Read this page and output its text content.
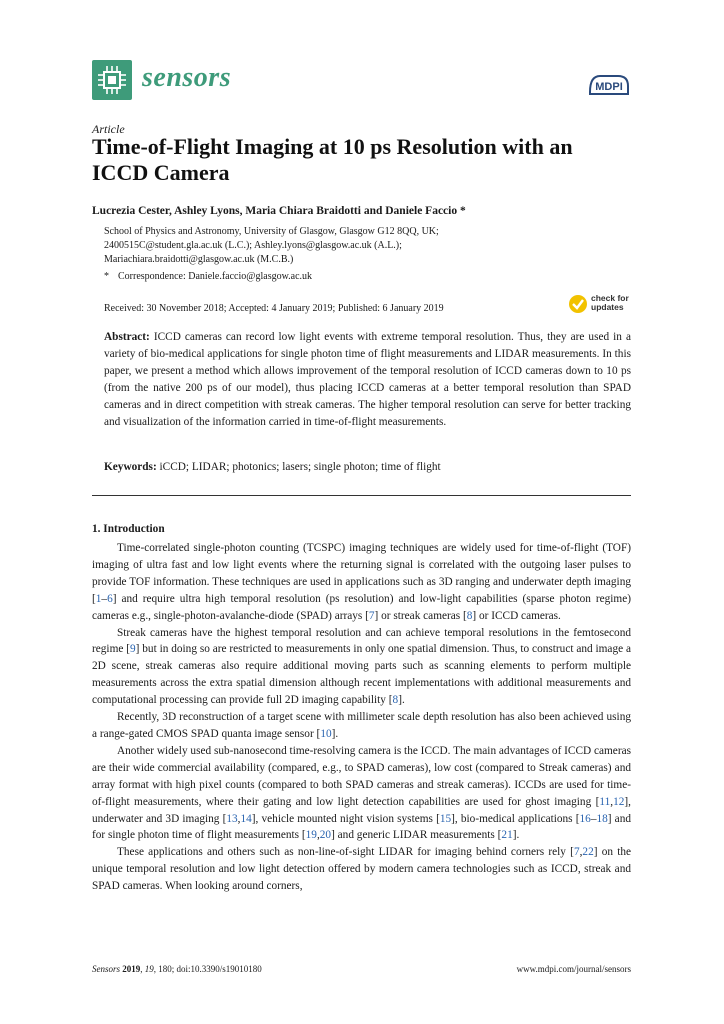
sensors	MDPI
Article
Time-of-Flight Imaging at 10 ps Resolution with an
ICCD Camera
Lucrezia Cester, Ashley Lyons, Maria Chiara Braidotti and Daniele Faccio *
School of Physics and Astronomy, University of Glasgow, Glasgow G12 8QQ, UK;
2400515C@student.gla.ac.uk (L.C.); Ashley.lyons@glasgow.ac.uk (A.L.);
Mariachiara.braidotti@glasgow.ac.uk (M.C.B.)
* Correspondence: Daniele.faccio@glasgow.ac.uk
Received: 30 November 2018; Accepted: 4 January 2019; Published: 6 January 2019
check for
updates
Abstract: ICCD cameras can record low light events with extreme temporal resolution. Thus, they are used in a variety of bio-medical applications for single photon time of flight measurements and LIDAR measurements. In this paper, we present a method which allows improvement of the temporal resolution of ICCD cameras down to 10 ps (from the native 200 ps of our model), thus placing ICCD cameras at a better temporal resolution than SPAD cameras and in direct competition with streak cameras. The higher temporal resolution can serve for better tracking and visualization of the information carried in time-of-flight measurements.
Keywords: iCCD; LIDAR; photonics; lasers; single photon; time of flight
1. Introduction

Time-correlated single-photon counting (TCSPC) imaging techniques are widely used for time-of-flight (TOF) imaging of ultra fast and low light events where the returning signal is correlated with the outgoing laser pulses to provide TOF information. These techniques are used in applications such as 3D ranging and underwater depth imaging [1–6] and require ultra high temporal resolution (ps resolution) and low-light capabilities (sparse photon regime) cameras e.g., single-photon-avalanche-diode (SPAD) arrays [7] or streak cameras [8] or ICCD cameras.

Streak cameras have the highest temporal resolution and can achieve temporal resolutions in the femtosecond regime [9] but in doing so are restricted to measurements in only one spatial dimension. Thus, to construct and image a 2D scene, streak cameras also require additional moving parts such as scanning elements to perform multiple measurements across the extra spatial dimension although recent implementations with additional measurements and computational processing can provide full 2D imaging capability [8].

Recently, 3D reconstruction of a target scene with millimeter scale depth resolution has also been achieved using a range-gated CMOS SPAD quanta image sensor [10].

Another widely used sub-nanosecond time-resolving camera is the ICCD. The main advantages of ICCD cameras are their wide commercial availability (compared, e.g., to SPAD cameras), low cost (compared to Streak cameras) and array format with high pixel counts (compared to both SPAD cameras and streak cameras). ICCDs are used for time-of-flight measurements, where their gating and low light detection capabilities are used for ghost imaging [11,12], underwater and 3D imaging [13,14], vehicle mounted night vision systems [15], bio-medical applications [16–18] and for single photon time of flight measurements [19,20] and generic LIDAR measurements [21].

These applications and others such as non-line-of-sight LIDAR for imaging behind corners rely [7,22] on the unique temporal resolution and low light detection offered by modern camera technologies such as ICCD, streak and SPAD cameras. When looking around corners,

Sensors 2019, 19, 180; doi:10.3390/s19010180	www.mdpi.com/journal/sensors
